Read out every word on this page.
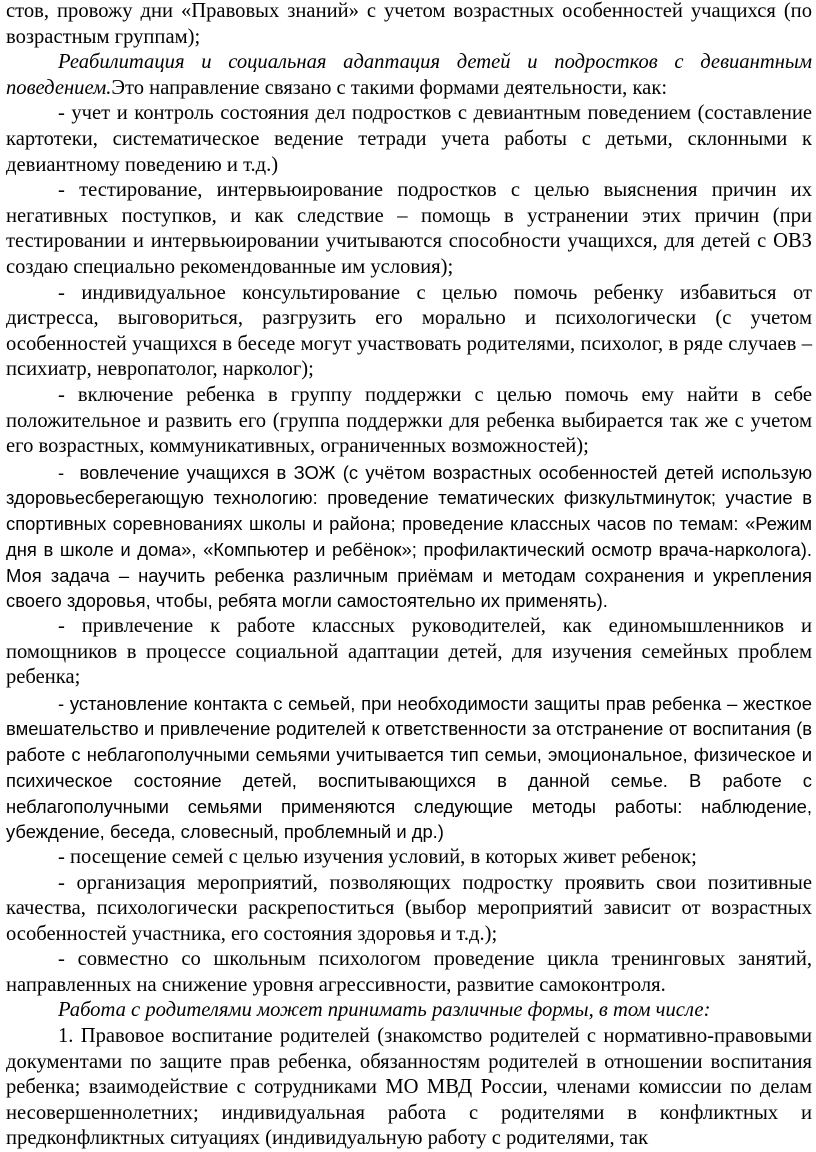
стов, провожу дни «Правовых знаний» с учетом возрастных особенностей учащихся (по возрастным группам);

Реабилитация и социальная адаптация детей и подростков с девиантным поведением.Это направление связано с такими формами деятельности, как:

- учет и контроль состояния дел подростков с девиантным поведением (составление картотеки, систематическое ведение тетради учета работы с детьми, склонными к девиантному поведению и т.д.)

- тестирование, интервьюирование подростков с целью выяснения причин их негативных поступков, и как следствие – помощь в устранении этих причин (при тестировании и интервьюировании учитываются способности учащихся, для детей с ОВЗ создаю специально рекомендованные им условия);

- индивидуальное консультирование с целью помочь ребенку избавиться от дистресса, выговориться, разгрузить его морально и психологически (с учетом особенностей учащихся в беседе могут участвовать родителями, психолог, в ряде случаев – психиатр, невропатолог, нарколог);

- включение ребенка в группу поддержки с целью помочь ему найти в себе положительное и развить его (группа поддержки для ребенка выбирается так же с учетом его возрастных, коммуникативных, ограниченных возможностей);

- вовлечение учащихся в ЗОЖ (с учётом возрастных особенностей детей использую здоровьесберегающую технологию: проведение тематических физкультминуток; участие в спортивных соревнованиях школы и района; проведение классных часов по темам: «Режим дня в школе и дома», «Компьютер и ребёнок»; профилактический осмотр врача-нарколога). Моя задача – научить ребенка различным приёмам и методам сохранения и укрепления своего здоровья, чтобы, ребята могли самостоятельно их применять).

- привлечение к работе классных руководителей, как единомышленников и помощников в процессе социальной адаптации детей, для изучения семейных проблем ребенка;

- установление контакта с семьей, при необходимости защиты прав ребенка – жесткое вмешательство и привлечение родителей к ответственности за отстранение от воспитания (в работе с неблагополучными семьями учитывается тип семьи, эмоциональное, физическое и психическое состояние детей, воспитывающихся в данной семье. В работе с неблагополучными семьями применяются следующие методы работы: наблюдение, убеждение, беседа, словесный, проблемный и др.)

- посещение семей с целью изучения условий, в которых живет ребенок;

- организация мероприятий, позволяющих подростку проявить свои позитивные качества, психологически раскрепоститься (выбор мероприятий зависит от возрастных особенностей участника, его состояния здоровья и т.д.);

- совместно со школьным психологом проведение цикла тренинговых занятий, направленных на снижение уровня агрессивности, развитие самоконтроля.

Работа с родителями может принимать различные формы, в том числе:

1. Правовое воспитание родителей (знакомство родителей с нормативно-правовыми документами по защите прав ребенка, обязанностям родителей в отношении воспитания ребенка; взаимодействие с сотрудниками МО МВД России, членами комиссии по делам несовершеннолетних; индивидуальная работа с родителями в конфликтных и предконфликтных ситуациях (индивидуальную работу с родителями, так
